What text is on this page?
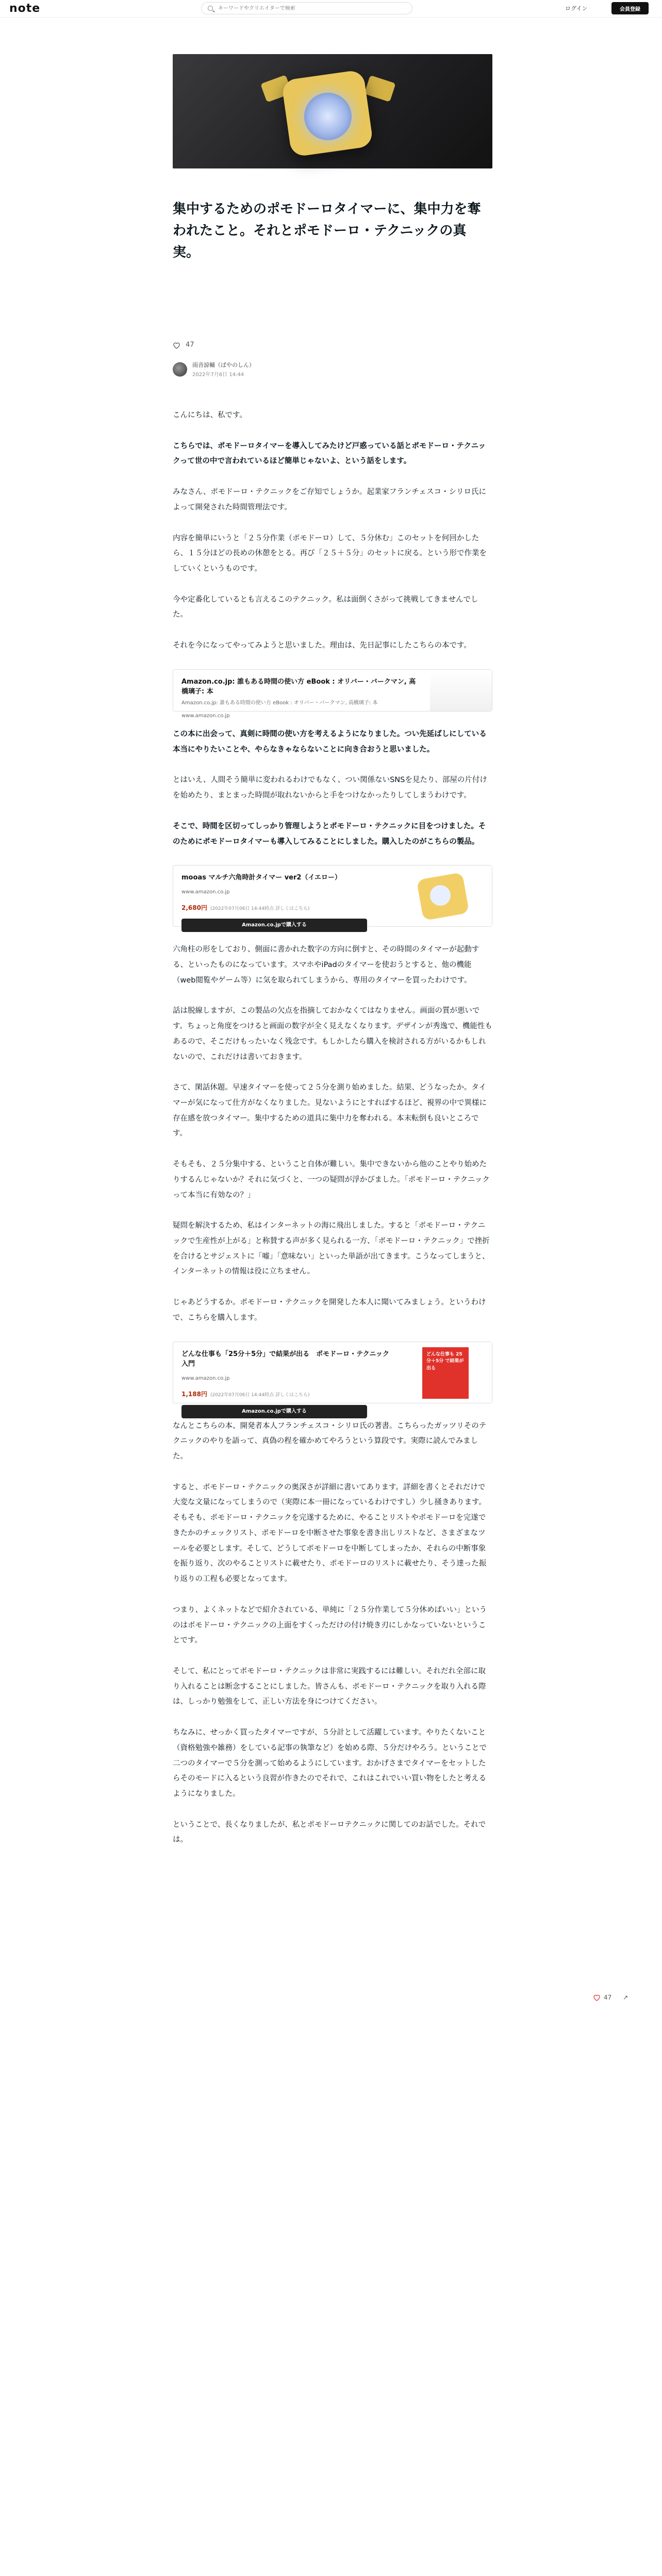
note
キーワードやクリエイターで検索	ログイン	会員登録
集中するためのポモドーロタイマーに、集中力を奪われたこと。それとポモドーロ・テクニックの真実。
47
雨音諒輔（ばやのしん）
2022年7月6日 14:44

こんにちは、私です。

こちらでは、ポモドーロタイマーを導入してみたけど戸惑っている話とポモドーロ・テクニックって世の中で言われているほど簡単じゃないよ、という話をします。

みなさん、ポモドーロ・テクニックをご存知でしょうか。起業家フランチェスコ・シリロ氏によって開発された時間管理法です。

内容を簡単にいうと「２５分作業（ポモドーロ）して、５分休む」このセットを何回かしたら、１５分ほどの長めの休憩をとる。再び「２５＋５分」のセットに戻る。という形で作業をしていくというものです。

今や定番化しているとも言えるこのテクニック。私は面倒くさがって挑戦してきませんでした。

それを今になってやってみようと思いました。理由は、先日記事にしたこちらの本です。

Amazon.co.jp: 誰もある時間の使い方 eBook : オリバー・バークマン, 高橋璃子: 本
Amazon.co.jp: 誰もある時間の使い方 eBook : オリバー・バークマン, 高橋璃子: 本
www.amazon.co.jp

この本に出会って、真剣に時間の使い方を考えるようになりました。つい先延ばしにしている本当にやりたいことや、やらなきゃならないことに向き合おうと思いました。

とはいえ、人間そう簡単に変われるわけでもなく、つい関係ないSNSを見たり、部屋の片付けを始めたり、まとまった時間が取れないからと手をつけなかったりしてしまうわけです。

そこで、時間を区切ってしっかり管理しようとポモドーロ・テクニックに目をつけました。そのためにポモドーロタイマーも導入してみることにしました。購入したのがこちらの製品。

mooas マルチ六角時計タイマー ver2（イエロー）
www.amazon.co.jp
2,680円 (2022年07月06日 14:44時点 詳しくはこちら)
Amazon.co.jpで購入する

六角柱の形をしており、側面に書かれた数字の方向に倒すと、その時間のタイマーが起動する、といったものになっています。スマホやiPadのタイマーを使おうとすると、他の機能（web閲覧やゲーム等）に気を取られてしまうから、専用のタイマーを買ったわけです。

話は脱線しますが、この製品の欠点を指摘しておかなくてはなりません。画面の質が悪いです。ちょっと角度をつけると画面の数字が全く見えなくなります。デザインが秀逸で、機能性もあるので、そこだけもったいなく残念です。もしかしたら購入を検討される方がいるかもしれないので、これだけは書いておきます。

さて、閑話休題。早速タイマーを使って２５分を測り始めました。結果、どうなったか。タイマーが気になって仕方がなくなりました。見ないようにとすればするほど、視界の中で異様に存在感を放つタイマー。集中するための道具に集中力を奪われる。本末転倒も良いところです。

そもそも、２５分集中する、ということ自体が難しい。集中できないから他のことやり始めたりするんじゃないか？それに気づくと、一つの疑問が浮かびました。「ポモドーロ・テクニックって本当に有効なの？」

疑問を解決するため、私はインターネットの海に飛出しました。すると「ポモドーロ・テクニックで生産性が上がる」と称賛する声が多く見られる一方、「ポモドーロ・テクニック」で挫折を合けるとサジェストに「嘘」「意味ない」といった単語が出てきます。こうなってしまうと、インターネットの情報は役に立ちません。

じゃあどうするか。ポモドーロ・テクニックを開発した本人に聞いてみましょう。というわけで、こちらを購入します。

どんな仕事も「25分＋5分」で結果が出る　ポモドーロ・テクニック入門
www.amazon.co.jp
1,188円 (2022年07月06日 14:44時点 詳しくはこちら)
Amazon.co.jpで購入する
どんな仕事も 25分＋5分 で結果が出る

なんとこちらの本、開発者本人フランチェスコ・シリロ氏の著書。こちらったガッツリそのテクニックのやりを語って、真偽の程を確かめてやろうという算段です。実際に読んでみました。

すると、ポモドーロ・テクニックの奥深さが詳細に書いてあります。詳細を書くとそれだけで大変な文量になってしまうので（実際に本一冊になっているわけですし）少し掻きあります。そもそも、ポモドーロ・テクニックを完遂するために、やることリストやポモドーロを完遂できたかのチェックリスト、ポモドーロを中断させた事象を書き出しリストなど、さまざまなツールを必要とします。そして、どうしてポモドーロを中断してしまったか、それらの中断事象を振り返り、次のやることリストに載せたり、ポモドーロのリストに載せたり、そう達った振り返りの工程も必要となってます。

つまり、よくネットなどで紹介されている、単純に「２５分作業して５分休めばいい」というのはポモドーロ・テクニックの上面をすくっただけの付け焼き刃にしかなっていないということです。

そして、私にとってポモドーロ・テクニックは非常に実践するには難しい。それだれ全部に取り入れることは断念することにしました。皆さんも、ポモドーロ・テクニックを取り入れる際は、しっかり勉強をして、正しい方法を身につけてください。

ちなみに、せっかく買ったタイマーですが、５分計として活躍しています。やりたくないこと（資格勉強や雑務）をしている記事の執筆など）を始める際、５分だけやろう。ということで二つのタイマーで５分を測って始めるようにしています。おかげさまでタイマーをセットしたらそのモードに入るという良習が作きたのでそれで、これはこれでいい買い物をしたと考えるようになりました。

ということで、長くなりましたが、私とポモドーロテクニックに関してのお話でした。それでは。

47 ↗
